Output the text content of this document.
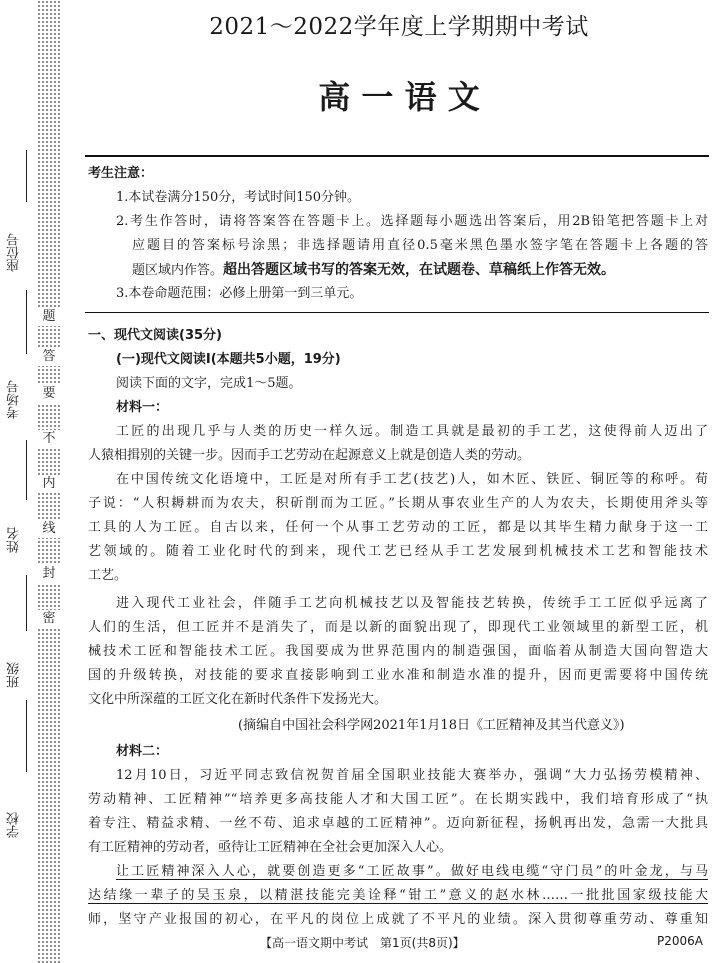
座位号
考场号
姓名
班级
学校
密
封
线
内
不
要
答
题
2021～2022学年度上学期期中考试
高 一 语 文
考生注意：
1.本试卷满分150分，考试时间150分钟。
2.考生作答时，请将答案答在答题卡上。选择题每小题选出答案后，用2B铅笔把答题卡上对
应题目的答案标号涂黑；非选择题请用直径0.5毫米黑色墨水签字笔在答题卡上各题的答
题区域内作答。超出答题区域书写的答案无效，在试题卷、草稿纸上作答无效。
3.本卷命题范围：必修上册第一到三单元。
一、现代文阅读(35分)
(一)现代文阅读Ⅰ(本题共5小题，19分)
阅读下面的文字，完成1～5题。
材料一：
工匠的出现几乎与人类的历史一样久远。制造工具就是最初的手工艺，这使得前人迈出了
人猿相揖别的关键一步。因而手工艺劳动在起源意义上就是创造人类的劳动。
在中国传统文化语境中，工匠是对所有手工艺(技艺)人，如木匠、铁匠、铜匠等的称呼。荀
子说：“人积耨耕而为农夫，积斫削而为工匠。”长期从事农业生产的人为农夫，长期使用斧头等
工具的人为工匠。自古以来，任何一个从事工艺劳动的工匠，都是以其毕生精力献身于这一工
艺领域的。随着工业化时代的到来，现代工艺已经从手工艺发展到机械技术工艺和智能技术
工艺。
进入现代工业社会，伴随手工艺向机械技艺以及智能技艺转换，传统手工工匠似乎远离了
人们的生活，但工匠并不是消失了，而是以新的面貌出现了，即现代工业领域里的新型工匠，机
械技术工匠和智能技术工匠。我国要成为世界范围内的制造强国，面临着从制造大国向智造大
国的升级转换，对技能的要求直接影响到工业水准和制造水准的提升，因而更需要将中国传统
文化中所深蕴的工匠文化在新时代条件下发扬光大。
(摘编自中国社会科学网2021年1月18日《工匠精神及其当代意义》)
材料二：
12月10日，习近平同志致信祝贺首届全国职业技能大赛举办，强调“大力弘扬劳模精神、
劳动精神、工匠精神”“培养更多高技能人才和大国工匠”。在长期实践中，我们培育形成了“执
着专注、精益求精、一丝不苟、追求卓越的工匠精神”。迈向新征程，扬帆再出发，急需一大批具
有工匠精神的劳动者，亟待让工匠精神在全社会更加深入人心。
让工匠精神深入人心，就要创造更多“工匠故事”。做好电线电缆“守门员”的叶金龙，与马
达结缘一辈子的吴玉泉，以精湛技能完美诠释“钳工”意义的赵水林……一批批国家级技能大
师，坚守产业报国的初心，在平凡的岗位上成就了不平凡的业绩。深入贯彻尊重劳动、尊重知
【高一语文期中考试　第1页(共8页)】	P2006A
